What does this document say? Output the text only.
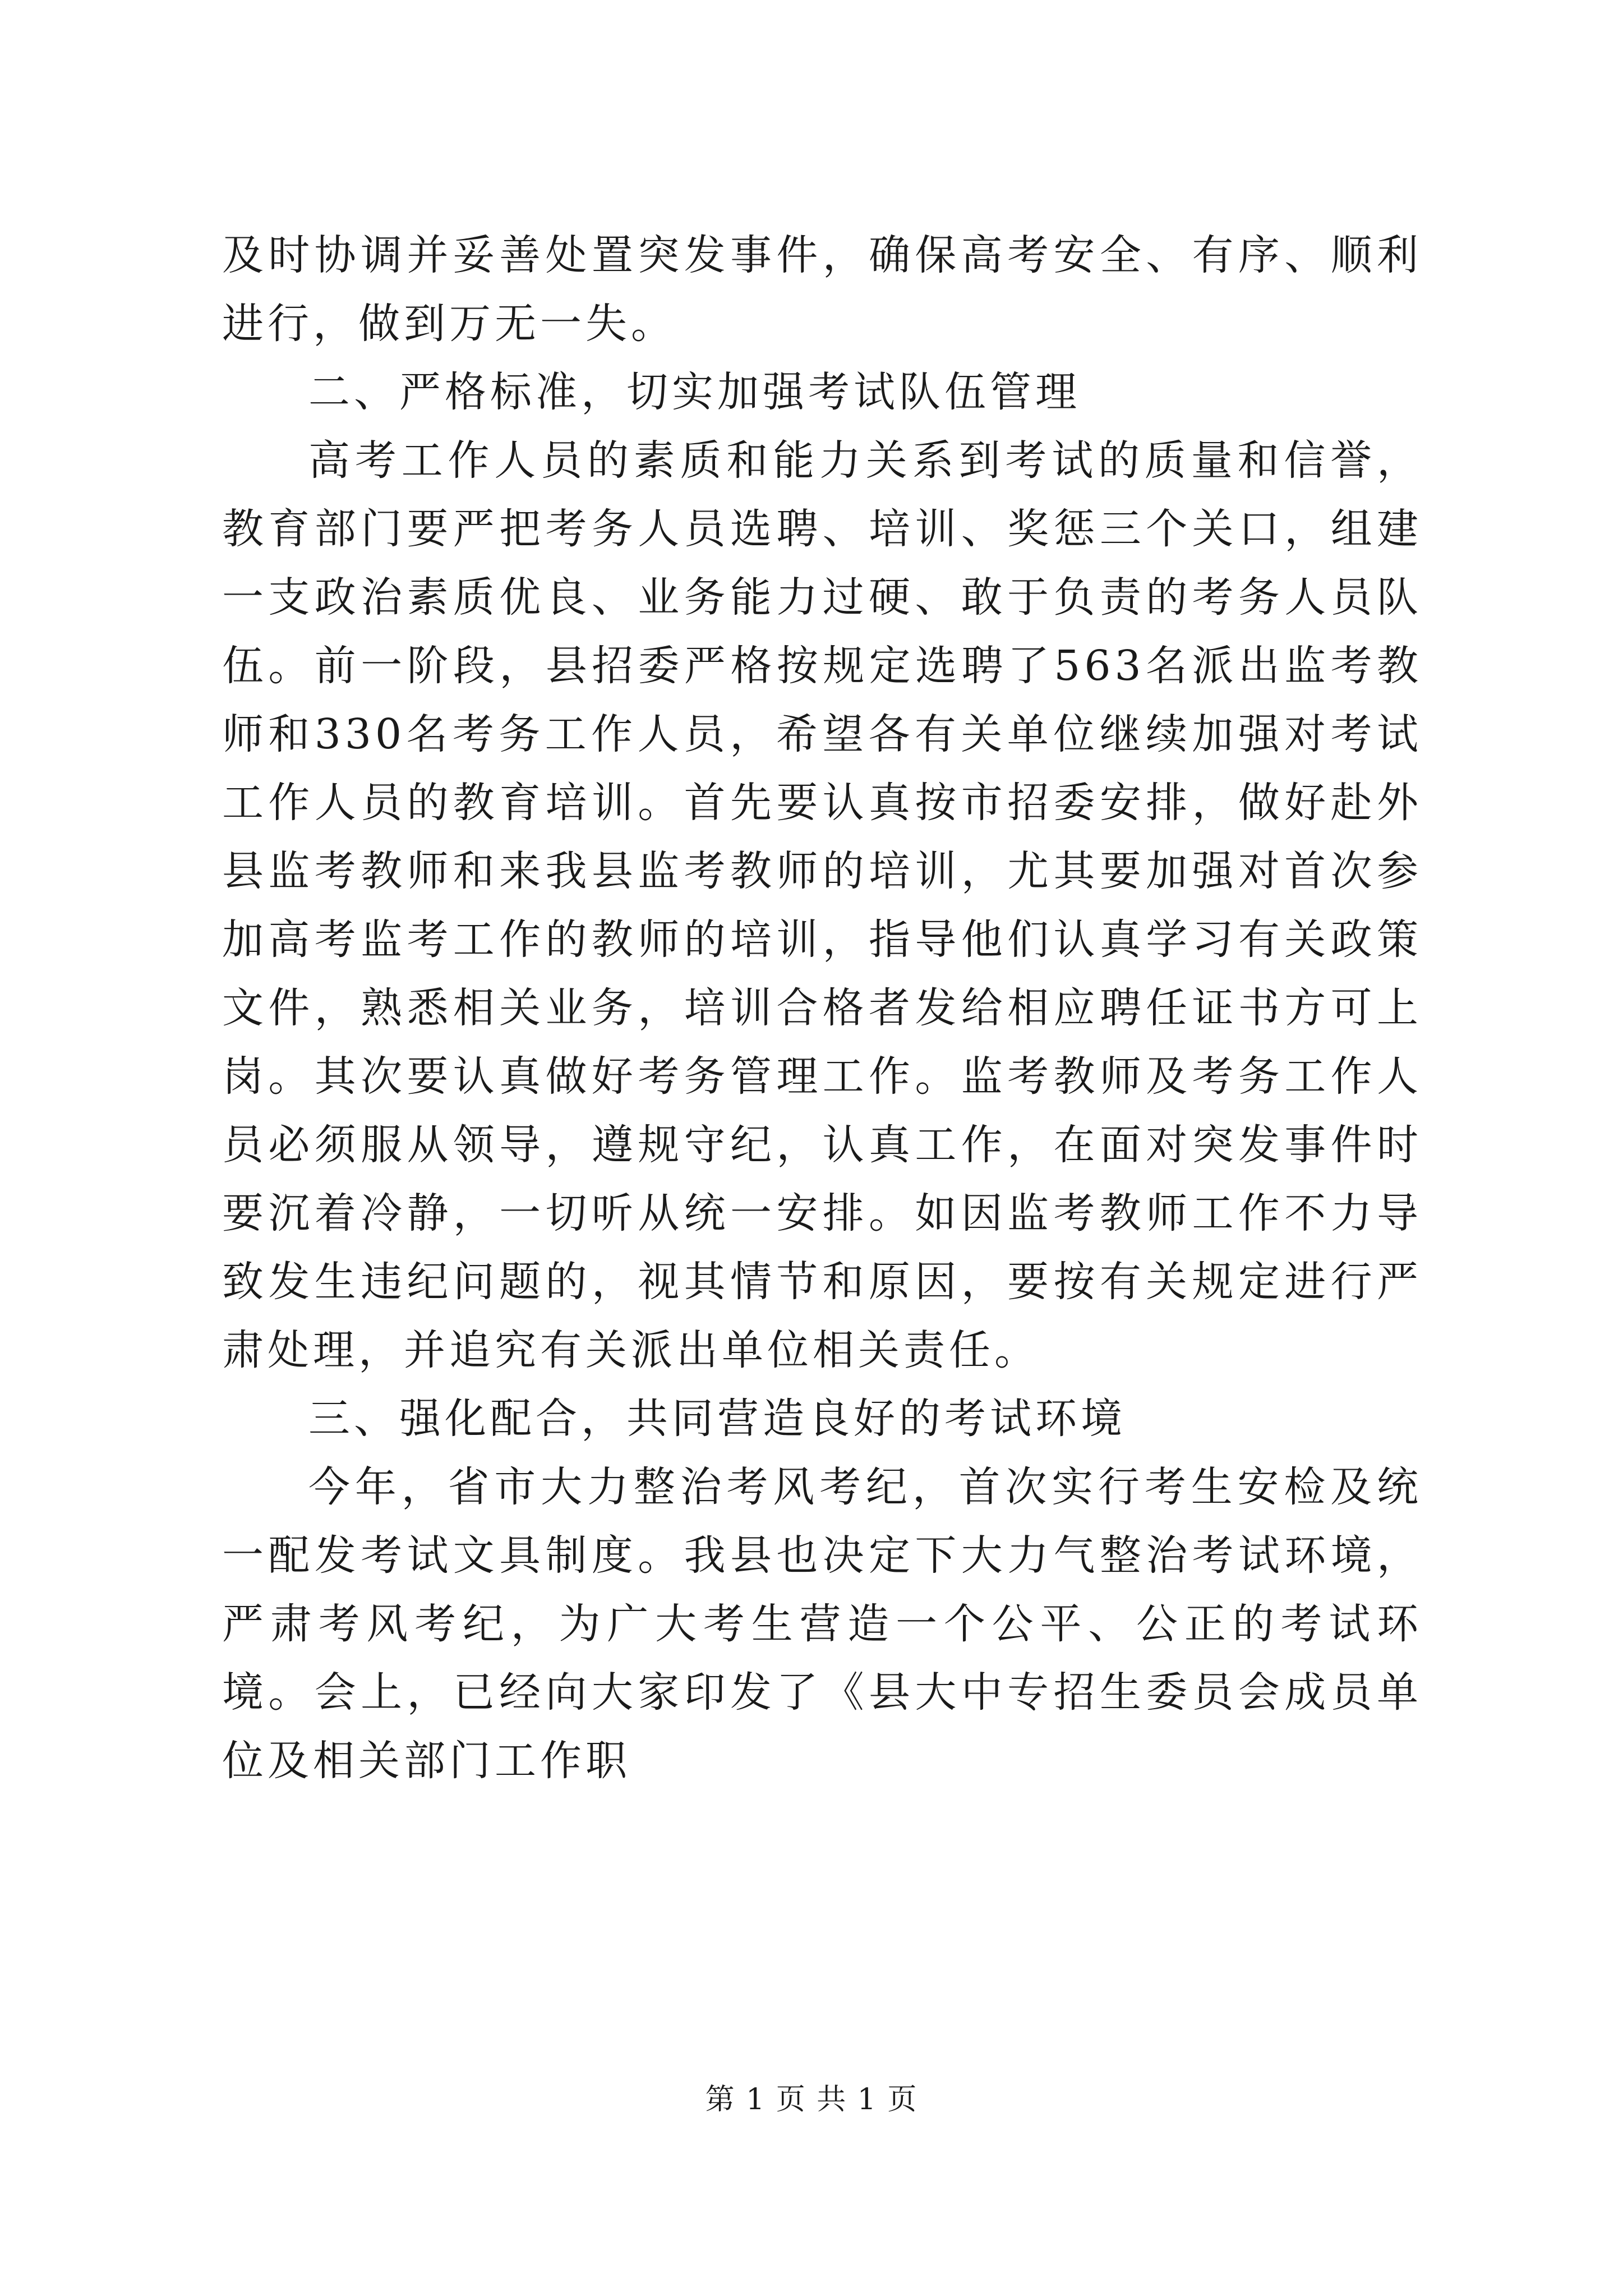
及时协调并妥善处置突发事件，确保高考安全、有序、顺利进行，做到万无一失。

二、严格标准，切实加强考试队伍管理

高考工作人员的素质和能力关系到考试的质量和信誉，教育部门要严把考务人员选聘、培训、奖惩三个关口，组建一支政治素质优良、业务能力过硬、敢于负责的考务人员队伍。前一阶段，县招委严格按规定选聘了563名派出监考教师和330名考务工作人员，希望各有关单位继续加强对考试工作人员的教育培训。首先要认真按市招委安排，做好赴外县监考教师和来我县监考教师的培训，尤其要加强对首次参加高考监考工作的教师的培训，指导他们认真学习有关政策文件，熟悉相关业务，培训合格者发给相应聘任证书方可上岗。其次要认真做好考务管理工作。监考教师及考务工作人员必须服从领导，遵规守纪，认真工作，在面对突发事件时要沉着冷静，一切听从统一安排。如因监考教师工作不力导致发生违纪问题的，视其情节和原因，要按有关规定进行严肃处理，并追究有关派出单位相关责任。

三、强化配合，共同营造良好的考试环境

今年，省市大力整治考风考纪，首次实行考生安检及统一配发考试文具制度。我县也决定下大力气整治考试环境，严肃考风考纪，为广大考生营造一个公平、公正的考试环境。会上，已经向大家印发了《县大中专招生委员会成员单位及相关部门工作职

第 1 页 共 1 页
